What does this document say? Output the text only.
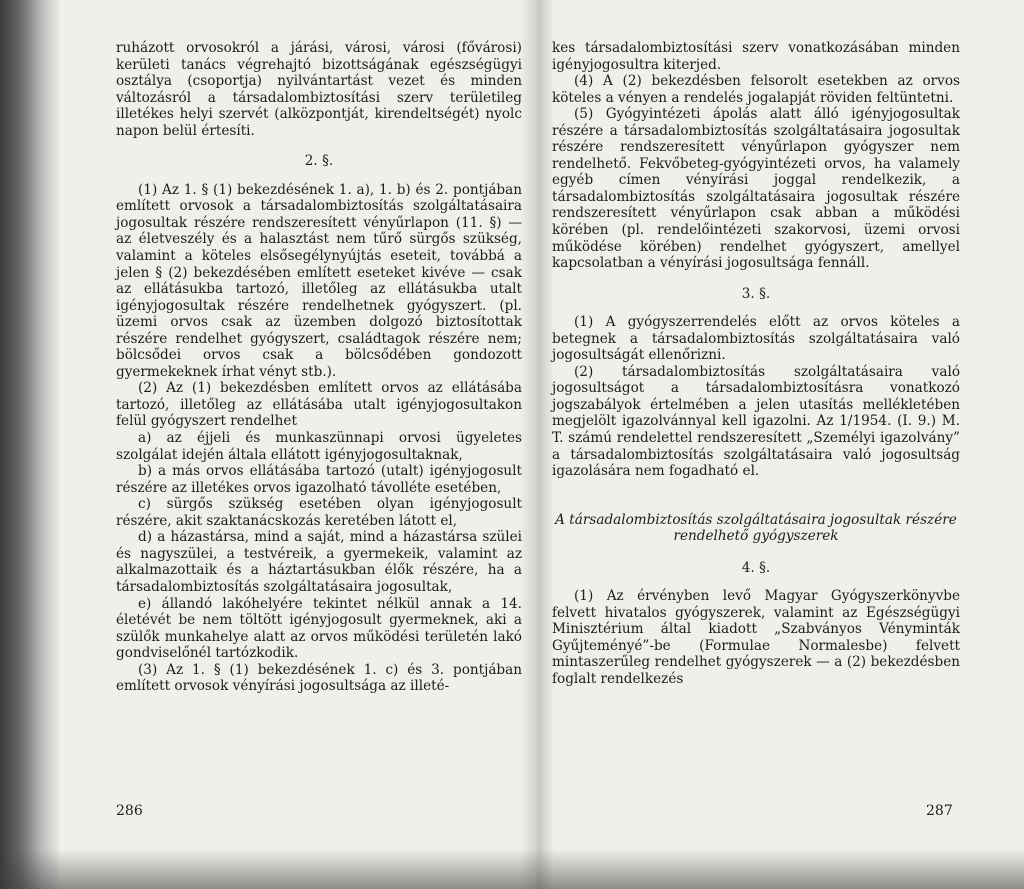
ruházott orvosokról a járási, városi, városi (fővárosi) kerületi tanács végrehajtó bizottságának egészségügyi osztálya (csoportja) nyilvántartást vezet és minden változásról a társadalombiztosítási szerv területileg illetékes helyi szervét (alközpontját, kirendeltségét) nyolc napon belül értesíti.

2. §.

(1) Az 1. § (1) bekezdésének 1. a), 1. b) és 2. pontjában említett orvosok a társadalombiztosítás szolgáltatásaira jogosultak részére rendszeresített vényűrlapon (11. §) — az életveszély és a halasztást nem tűrő sürgős szükség, valamint a köteles elsősegélynyújtás eseteit, továbbá a jelen § (2) bekezdésében említett eseteket kivéve — csak az ellátásukba tartozó, illetőleg az ellátásukba utalt igényjogosultak részére rendelhetnek gyógyszert. (pl. üzemi orvos csak az üzemben dolgozó biztosítottak részére rendelhet gyógyszert, családtagok részére nem; bölcsődei orvos csak a bölcsődében gondozott gyermekeknek írhat vényt stb.).

(2) Az (1) bekezdésben említett orvos az ellátásába tartozó, illetőleg az ellátásába utalt igényjogosultakon felül gyógyszert rendelhet

a) az éjjeli és munkaszünnapi orvosi ügyeletes szolgálat idején általa ellátott igényjogosultaknak,

b) a más orvos ellátásába tartozó (utalt) igényjogosult részére az illetékes orvos igazolható távolléte esetében,

c) sürgős szükség esetében olyan igényjogosult részére, akit szaktanácskozás keretében látott el,

d) a házastársa, mind a saját, mind a házastársa szülei és nagyszülei, a testvéreik, a gyermekeik, valamint az alkalmazottaik és a háztartásukban élők részére, ha a társadalombiztosítás szolgáltatásaira jogosultak,

e) állandó lakóhelyére tekintet nélkül annak a 14. életévét be nem töltött igényjogosult gyermeknek, aki a szülők munkahelye alatt az orvos működési területén lakó gondviselőnél tartózkodik.

(3) Az 1. § (1) bekezdésének 1. c) és 3. pontjában említett orvosok vényírási jogosultsága az illeté-

286

kes társadalombiztosítási szerv vonatkozásában minden igényjogosultra kiterjed.

(4) A (2) bekezdésben felsorolt esetekben az orvos köteles a vényen a rendelés jogalapját röviden feltüntetni.

(5) Gyógyintézeti ápolás alatt álló igényjogosultak részére a társadalombiztosítás szolgáltatásaira jogosultak részére rendszeresített vényűrlapon gyógyszer nem rendelhető. Fekvőbeteg-gyógyintézeti orvos, ha valamely egyéb címen vényírási joggal rendelkezik, a társadalombiztosítás szolgáltatásaira jogosultak részére rendszeresített vényűrlapon csak abban a működési körében (pl. rendelőintézeti szakorvosi, üzemi orvosi működése körében) rendelhet gyógyszert, amellyel kapcsolatban a vényírási jogosultsága fennáll.

3. §.

(1) A gyógyszerrendelés előtt az orvos köteles a betegnek a társadalombiztosítás szolgáltatásaira való jogosultságát ellenőrizni.

(2) társadalombiztosítás szolgáltatásaira való jogosultságot a társadalombiztosításra vonatkozó jogszabályok értelmében a jelen utasítás mellékletében megjelölt igazolvánnyal kell igazolni. Az 1/1954. (I. 9.) M. T. számú rendelettel rendszeresített „Személyi igazolvány” a társadalombiztosítás szolgáltatásaira való jogosultság igazolására nem fogadható el.

A társadalombiztosítás szolgáltatásaira jogosultak részére rendelhető gyógyszerek
4. §.

(1) Az érvényben levő Magyar Gyógyszerkönyvbe felvett hivatalos gyógyszerek, valamint az Egészségügyi Minisztérium által kiadott „Szabványos Vényminták Gyűjteményé”-be (Formulae Normalesbe) felvett mintaszerűleg rendelhet gyógyszerek — a (2) bekezdésben foglalt rendelkezés

287
